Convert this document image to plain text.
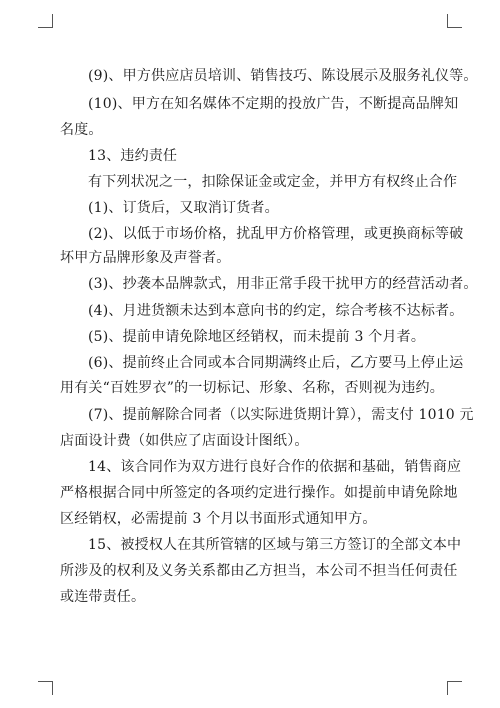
(9)、甲方供应店员培训、销售技巧、陈设展示及服务礼仪等。
(10)、甲方在知名媒体不定期的投放广告，不断提高品牌知
名度。
13、违约责任
有下列状况之一，扣除保证金或定金，并甲方有权终止合作
(1)、订货后，又取消订货者。
(2)、以低于市场价格，扰乱甲方价格管理，或更换商标等破
坏甲方品牌形象及声誉者。
(3)、抄袭本品牌款式，用非正常手段干扰甲方的经营活动者。
(4)、月进货额未达到本意向书的约定，综合考核不达标者。
(5)、提前申请免除地区经销权，而未提前 3 个月者。
(6)、提前终止合同或本合同期满终止后，乙方要马上停止运
用有关“百姓罗衣”的一切标记、形象、名称，否则视为违约。
(7)、提前解除合同者（以实际进货期计算），需支付 1010 元
店面设计费（如供应了店面设计图纸）。
14、该合同作为双方进行良好合作的依据和基础，销售商应
严格根据合同中所签定的各项约定进行操作。如提前申请免除地
区经销权，必需提前 3 个月以书面形式通知甲方。
15、被授权人在其所管辖的区域与第三方签订的全部文本中
所涉及的权利及义务关系都由乙方担当，本公司不担当任何责任
或连带责任。
